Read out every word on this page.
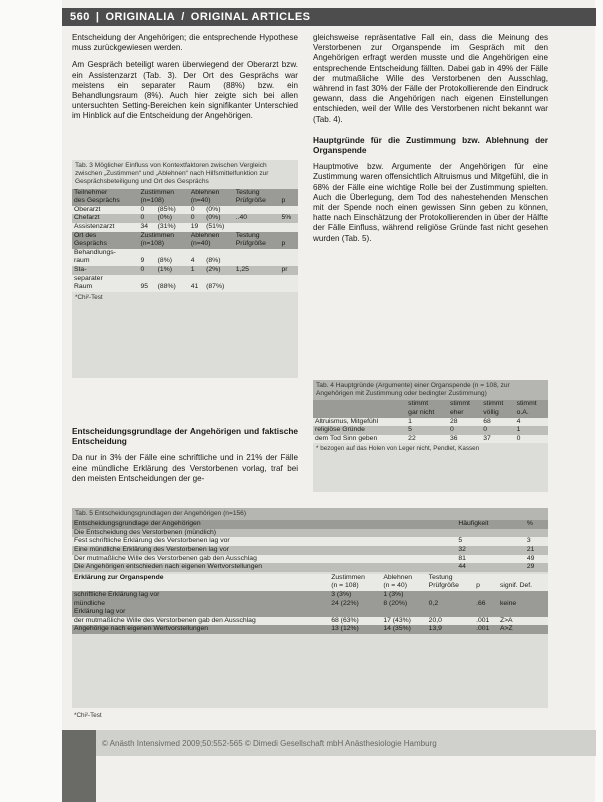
560 | ORIGINALIA / ORIGINAL ARTICLES

Entscheidung der Angehörigen; die entsprechende Hypothese muss zurückgewiesen werden.

Am Gespräch beteiligt waren überwiegend der Oberarzt bzw. ein Assistenzarzt (Tab. 3). Der Ort des Gesprächs war meistens ein separater Raum (88%) bzw. ein Behandlungsraum (8%). Auch hier zeigte sich bei allen untersuchten Setting-Bereichen kein signifikanter Unterschied im Hinblick auf die Entscheidung der Angehörigen.

Tab. 3 Möglicher Einfluss von Kontextfaktoren zwischen Vergleich zwischen „Zustimmen“ und „Ablehnen“ nach Hilfsmittelfunktion zur Gesprächsbeteiligung und Ort des Gesprächs
Teilnehmer	Zustimmen		Ablehnen		Testung	
des Gesprächs	(n=108)		(n=40)		Prüfgröße	p
Oberarzt	0	(85%)	0	(0%)		
Chefarzt	0	(0%)	0	(0%)	..40	5%
Assistenzarzt	34	(31%)	19	(51%)		
Ort des	Zustimmen		Ablehnen		Testung	
Gesprächs	(n=108)		(n=40)		Prüfgröße	p
Behandlungs-						
raum	9	(8%)	4	(8%)		
Sta-	0	(1%)	1	(2%)	1,25	pr
separater						
Raum	95	(88%)	41	(87%)		
*Chi²-Test

Entscheidungsgrundlage der Angehörigen und faktische Entscheidung

Da nur in 3% der Fälle eine schriftliche und in 21% der Fälle eine mündliche Erklärung des Verstorbenen vorlag, traf bei den meisten Entscheidungen der ge-

gleichsweise repräsentative Fall ein, dass die Meinung des Verstorbenen zur Organspende im Gespräch mit den Angehörigen erfragt werden musste und die Angehörigen eine entsprechende Entscheidung fällten. Dabei gab in 49% der Fälle der mutmaßliche Wille des Verstorbenen den Ausschlag, während in fast 30% der Fälle der Protokollierende den Eindruck gewann, dass die Angehörigen nach eigenen Einstellungen entschieden, weil der Wille des Verstorbenen nicht bekannt war (Tab. 4).

Hauptgründe für die Zustimmung bzw. Ablehnung der Organspende

Hauptmotive bzw. Argumente der Angehörigen für eine Zustimmung waren offensichtlich Altruismus und Mitgefühl, die in 68% der Fälle eine wichtige Rolle bei der Zustimmung spielten. Auch die Überlegung, dem Tod des nahestehenden Menschen mit der Spende noch einen gewissen Sinn geben zu können, hatte nach Einschätzung der Protokollierenden in über der Hälfte der Fälle Einfluss, während religiöse Gründe fast nicht gesehen wurden (Tab. 5).

Tab. 4 Hauptgründe (Argumente) einer Organspende (n = 108, zur Angehörigen mit Zustimmung oder bedingter Zustimmung)
	stimmt	stimmt	stimmt	stimmt
	gar nicht	eher	völlig	o.A.
Altruismus, Mitgefühl	1	28	68	4
religiöse Gründe	5	0	0	1
dem Tod Sinn geben	22	36	37	0
* bezogen auf das Holen von Leger nicht, Pendlet, Kassen
Tab. 5 Entscheidungsgrundlagen der Angehörigen (n=156)
Entscheidungsgrundlage der Angehörigen	Häufigkeit	%
Die Entscheidung des Verstorbenen (mündlich)		
Fest schriftliche Erklärung des Verstorbenen lag vor	5	3
Eine mündliche Erklärung des Verstorbenen lag vor	32	21
Der mutmaßliche Wille des Verstorbenen gab den Ausschlag	81	49
Die Angehörigen entschieden nach eigenen Wertvorstellungen	44	29
Erklärung zur Organspende	Zustimmen	Ablehnen	Testung		
	(n = 108)	(n = 40)	Prüfgröße	p	signif. Def.
schriftliche Erklärung lag vor	3 (3%)	1 (3%)			
mündliche	24 (22%)	8 (20%)	0,2	.66	keine
Erklärung lag vor					
der mutmaßliche Wille des Verstorbenen gab den Ausschlag	68 (63%)	17 (43%)	20,0	.001	Z>A
Angehörige nach eigenen Wertvorstellungen	13 (12%)	14 (35%)	13,9	.001	A>Z
*Chi²-Test
© Anästh Intensivmed 2009;50:552-565 © Dimedi Gesellschaft mbH Anästhesiologie Hamburg
